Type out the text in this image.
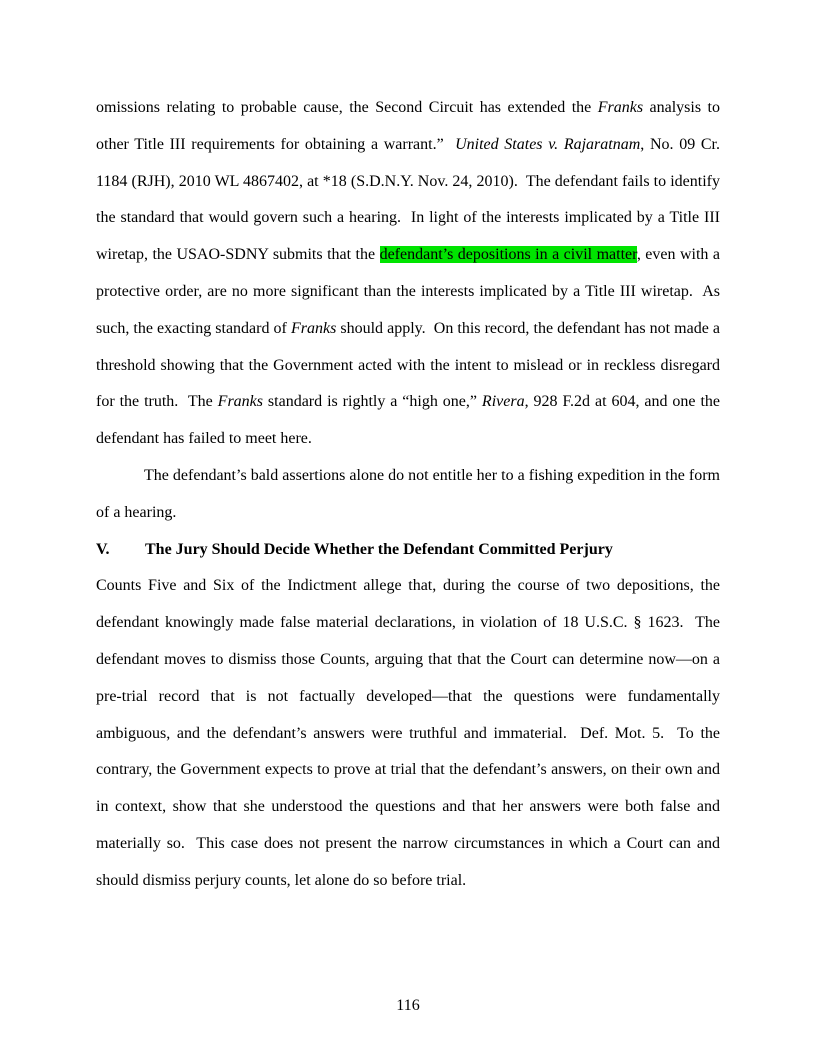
omissions relating to probable cause, the Second Circuit has extended the Franks analysis to other Title III requirements for obtaining a warrant.”  United States v. Rajaratnam, No. 09 Cr. 1184 (RJH), 2010 WL 4867402, at *18 (S.D.N.Y. Nov. 24, 2010).  The defendant fails to identify the standard that would govern such a hearing.  In light of the interests implicated by a Title III wiretap, the USAO-SDNY submits that the defendant’s depositions in a civil matter, even with a protective order, are no more significant than the interests implicated by a Title III wiretap.  As such, the exacting standard of Franks should apply.  On this record, the defendant has not made a threshold showing that the Government acted with the intent to mislead or in reckless disregard for the truth.  The Franks standard is rightly a “high one,” Rivera, 928 F.2d at 604, and one the defendant has failed to meet here.

The defendant’s bald assertions alone do not entitle her to a fishing expedition in the form of a hearing.

V. The Jury Should Decide Whether the Defendant Committed Perjury

Counts Five and Six of the Indictment allege that, during the course of two depositions, the defendant knowingly made false material declarations, in violation of 18 U.S.C. § 1623.  The defendant moves to dismiss those Counts, arguing that that the Court can determine now—on a pre-trial record that is not factually developed—that the questions were fundamentally ambiguous, and the defendant’s answers were truthful and immaterial.  Def. Mot. 5.  To the contrary, the Government expects to prove at trial that the defendant’s answers, on their own and in context, show that she understood the questions and that her answers were both false and materially so.  This case does not present the narrow circumstances in which a Court can and should dismiss perjury counts, let alone do so before trial.

116
